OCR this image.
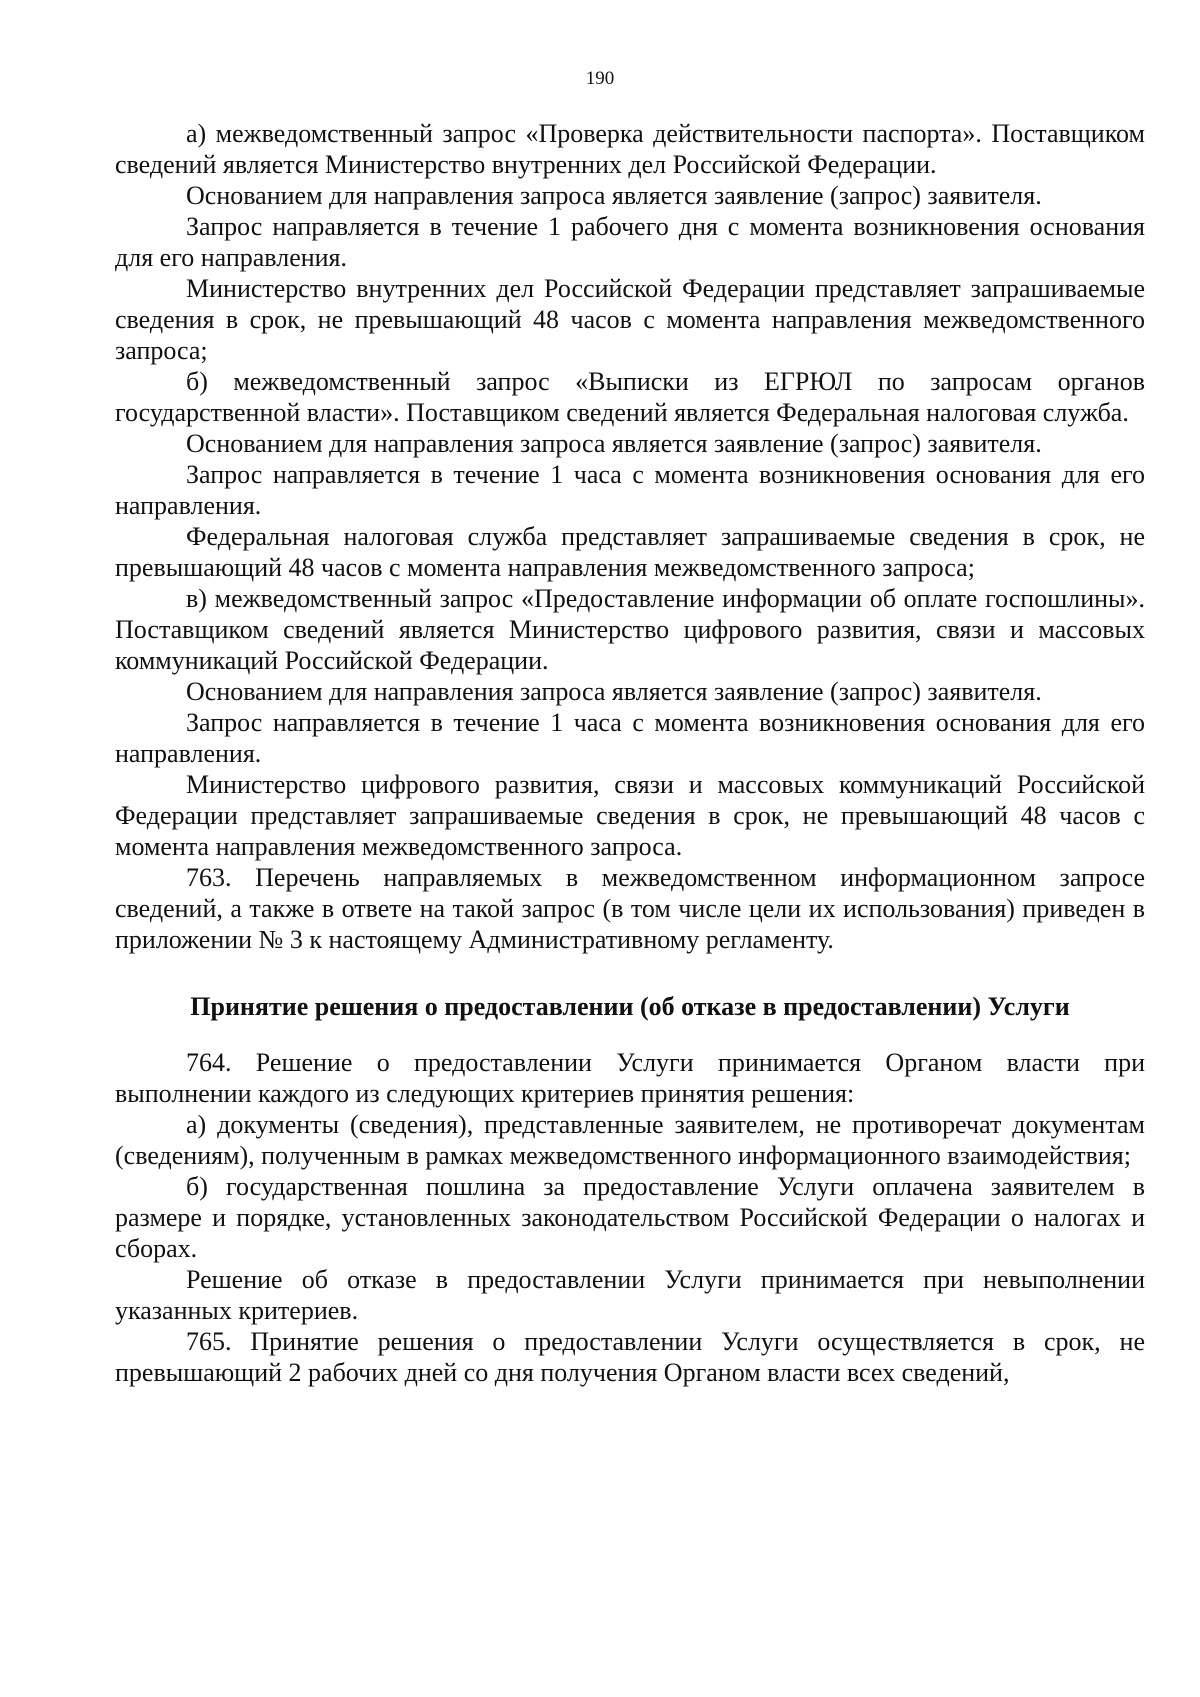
190

а) межведомственный запрос «Проверка действительности паспорта». Поставщиком сведений является Министерство внутренних дел Российской Федерации.

Основанием для направления запроса является заявление (запрос) заявителя.

Запрос направляется в течение 1 рабочего дня с момента возникновения основания для его направления.

Министерство внутренних дел Российской Федерации представляет запрашиваемые сведения в срок, не превышающий 48 часов с момента направления межведомственного запроса;

б) межведомственный запрос «Выписки из ЕГРЮЛ по запросам органов государственной власти». Поставщиком сведений является Федеральная налоговая служба.

Основанием для направления запроса является заявление (запрос) заявителя.

Запрос направляется в течение 1 часа с момента возникновения основания для его направления.

Федеральная налоговая служба представляет запрашиваемые сведения в срок, не превышающий 48 часов с момента направления межведомственного запроса;

в) межведомственный запрос «Предоставление информации об оплате госпошлины». Поставщиком сведений является Министерство цифрового развития, связи и массовых коммуникаций Российской Федерации.

Основанием для направления запроса является заявление (запрос) заявителя.

Запрос направляется в течение 1 часа с момента возникновения основания для его направления.

Министерство цифрового развития, связи и массовых коммуникаций Российской Федерации представляет запрашиваемые сведения в срок, не превышающий 48 часов с момента направления межведомственного запроса.

763. Перечень направляемых в межведомственном информационном запросе сведений, а также в ответе на такой запрос (в том числе цели их использования) приведен в приложении № 3 к настоящему Административному регламенту.

Принятие решения о предоставлении (об отказе в предоставлении) Услуги

764. Решение о предоставлении Услуги принимается Органом власти при выполнении каждого из следующих критериев принятия решения:

а) документы (сведения), представленные заявителем, не противоречат документам (сведениям), полученным в рамках межведомственного информационного взаимодействия;

б) государственная пошлина за предоставление Услуги оплачена заявителем в размере и порядке, установленных законодательством Российской Федерации о налогах и сборах.

Решение об отказе в предоставлении Услуги принимается при невыполнении указанных критериев.

765. Принятие решения о предоставлении Услуги осуществляется в срок, не превышающий 2 рабочих дней со дня получения Органом власти всех сведений,
